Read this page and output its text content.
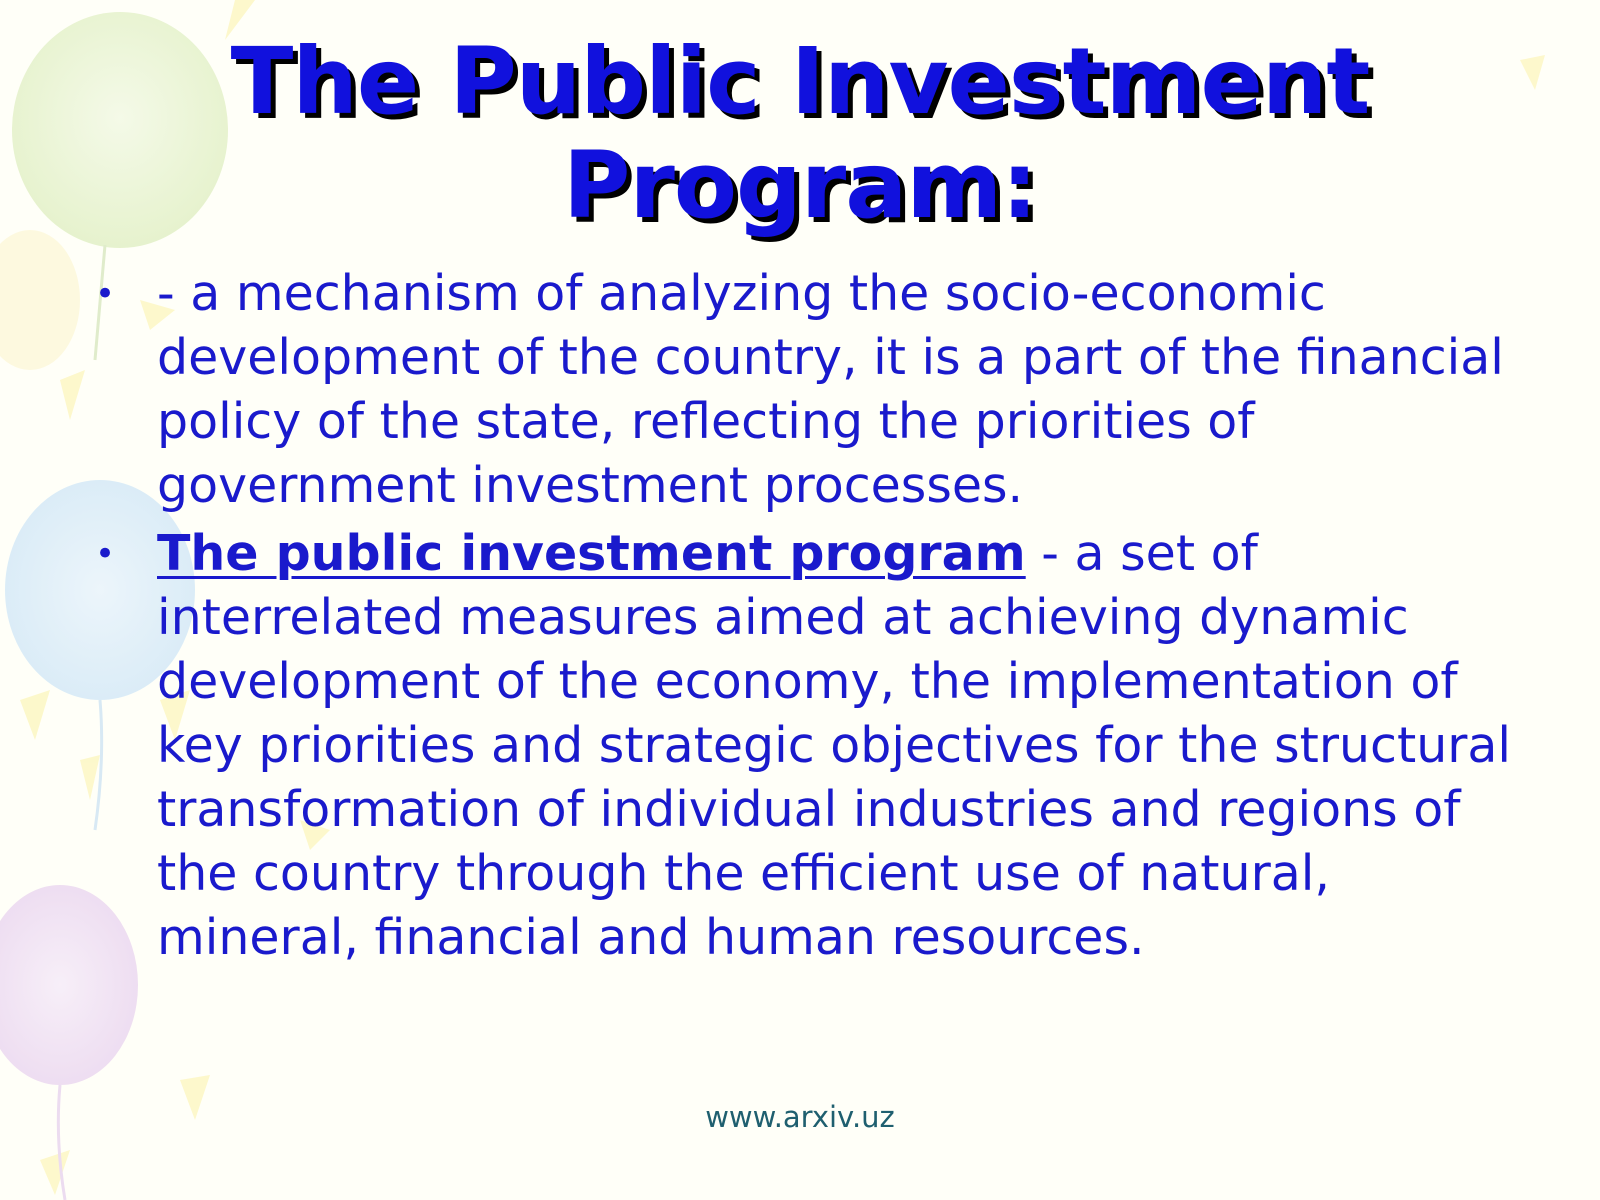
The Public Investment
Program:
• - a mechanism of analyzing the socio-economic development of the country, it is a part of the financial policy of the state, reflecting the priorities of government investment processes.
• The public investment program - a set of interrelated measures aimed at achieving dynamic development of the economy, the implementation of key priorities and strategic objectives for the structural transformation of individual industries and regions of the country through the efficient use of natural, mineral, financial and human resources.
www.arxiv.uz
